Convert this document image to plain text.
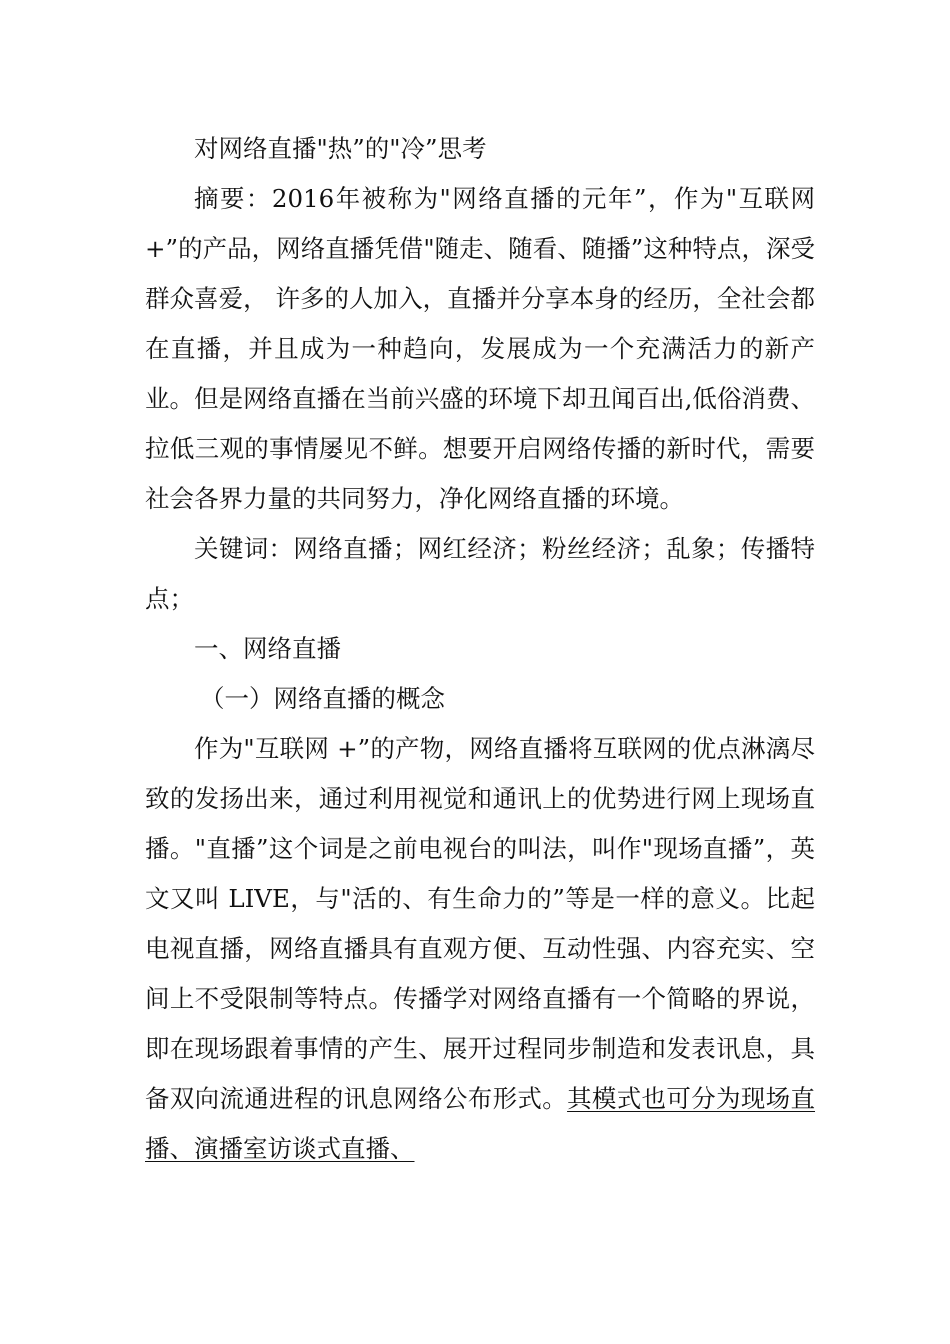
对网络直播"热”的"冷”思考

摘要：2016年被称为"网络直播的元年”，作为"互联网 +”的产品，网络直播凭借"随走、随看、随播”这种特点，深受群众喜爱， 许多的人加入，直播并分享本身的经历，全社会都在直播，并且成为一种趋向，发展成为一个充满活力的新产业。但是网络直播在当前兴盛的环境下却丑闻百出,低俗消费、拉低三观的事情屡见不鲜。想要开启网络传播的新时代，需要社会各界力量的共同努力，净化网络直播的环境。

关键词：网络直播；网红经济；粉丝经济；乱象；传播特点；

一、网络直播

（一）网络直播的概念

作为"互联网 +”的产物，网络直播将互联网的优点淋漓尽致的发扬出来，通过利用视觉和通讯上的优势进行网上现场直播。"直播”这个词是之前电视台的叫法，叫作"现场直播”，英文又叫 LIVE，与"活的、有生命力的”等是一样的意义。比起电视直播，网络直播具有直观方便、互动性强、内容充实、空间上不受限制等特点。传播学对网络直播有一个简略的界说，即在现场跟着事情的产生、展开过程同步制造和发表讯息，具备双向流通进程的讯息网络公布形式。其模式也可分为现场直播、演播室访谈式直播、
